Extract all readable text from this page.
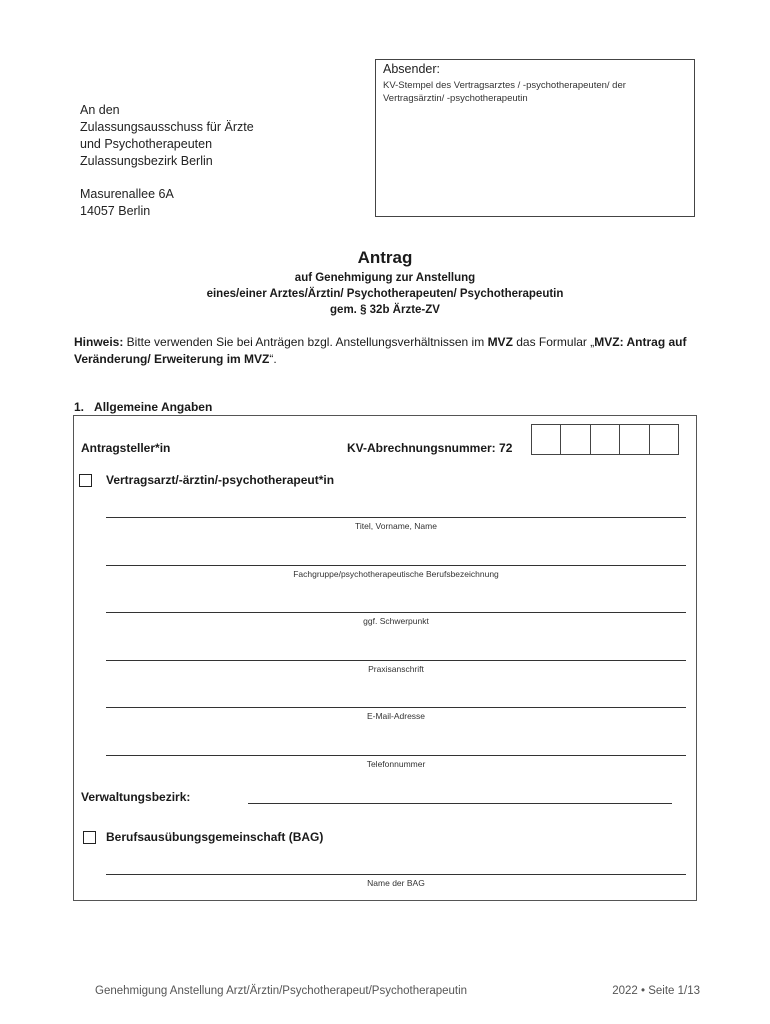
An den
Zulassungsausschuss für Ärzte
und Psychotherapeuten
Zulassungsbezirk Berlin
Masurenallee 6A
14057 Berlin
Absender:
KV-Stempel des Vertragsarztes / -psychotherapeuten/ der Vertragsärztin/ -psychotherapeutin
Antrag
auf Genehmigung zur Anstellung
eines/einer Arztes/Ärztin/ Psychotherapeuten/ Psychotherapeutin
gem. § 32b Ärzte-ZV
Hinweis: Bitte verwenden Sie bei Anträgen bzgl. Anstellungsverhältnissen im MVZ das Formular „MVZ: Antrag auf Veränderung/ Erweiterung im MVZ“.
1. Allgemeine Angaben
Antragsteller*in	KV-Abrechnungsnummer: 72
Vertragsarzt/-ärztin/-psychotherapeut*in
Titel, Vorname, Name
Fachgruppe/psychotherapeutische Berufsbezeichnung
ggf. Schwerpunkt
Praxisanschrift
E-Mail-Adresse
Telefonnummer
Verwaltungsbezirk:
Berufsausübungsgemeinschaft (BAG)
Name der BAG
Genehmigung Anstellung Arzt/Ärztin/Psychotherapeut/Psychotherapeutin	2022 • Seite 1/13
